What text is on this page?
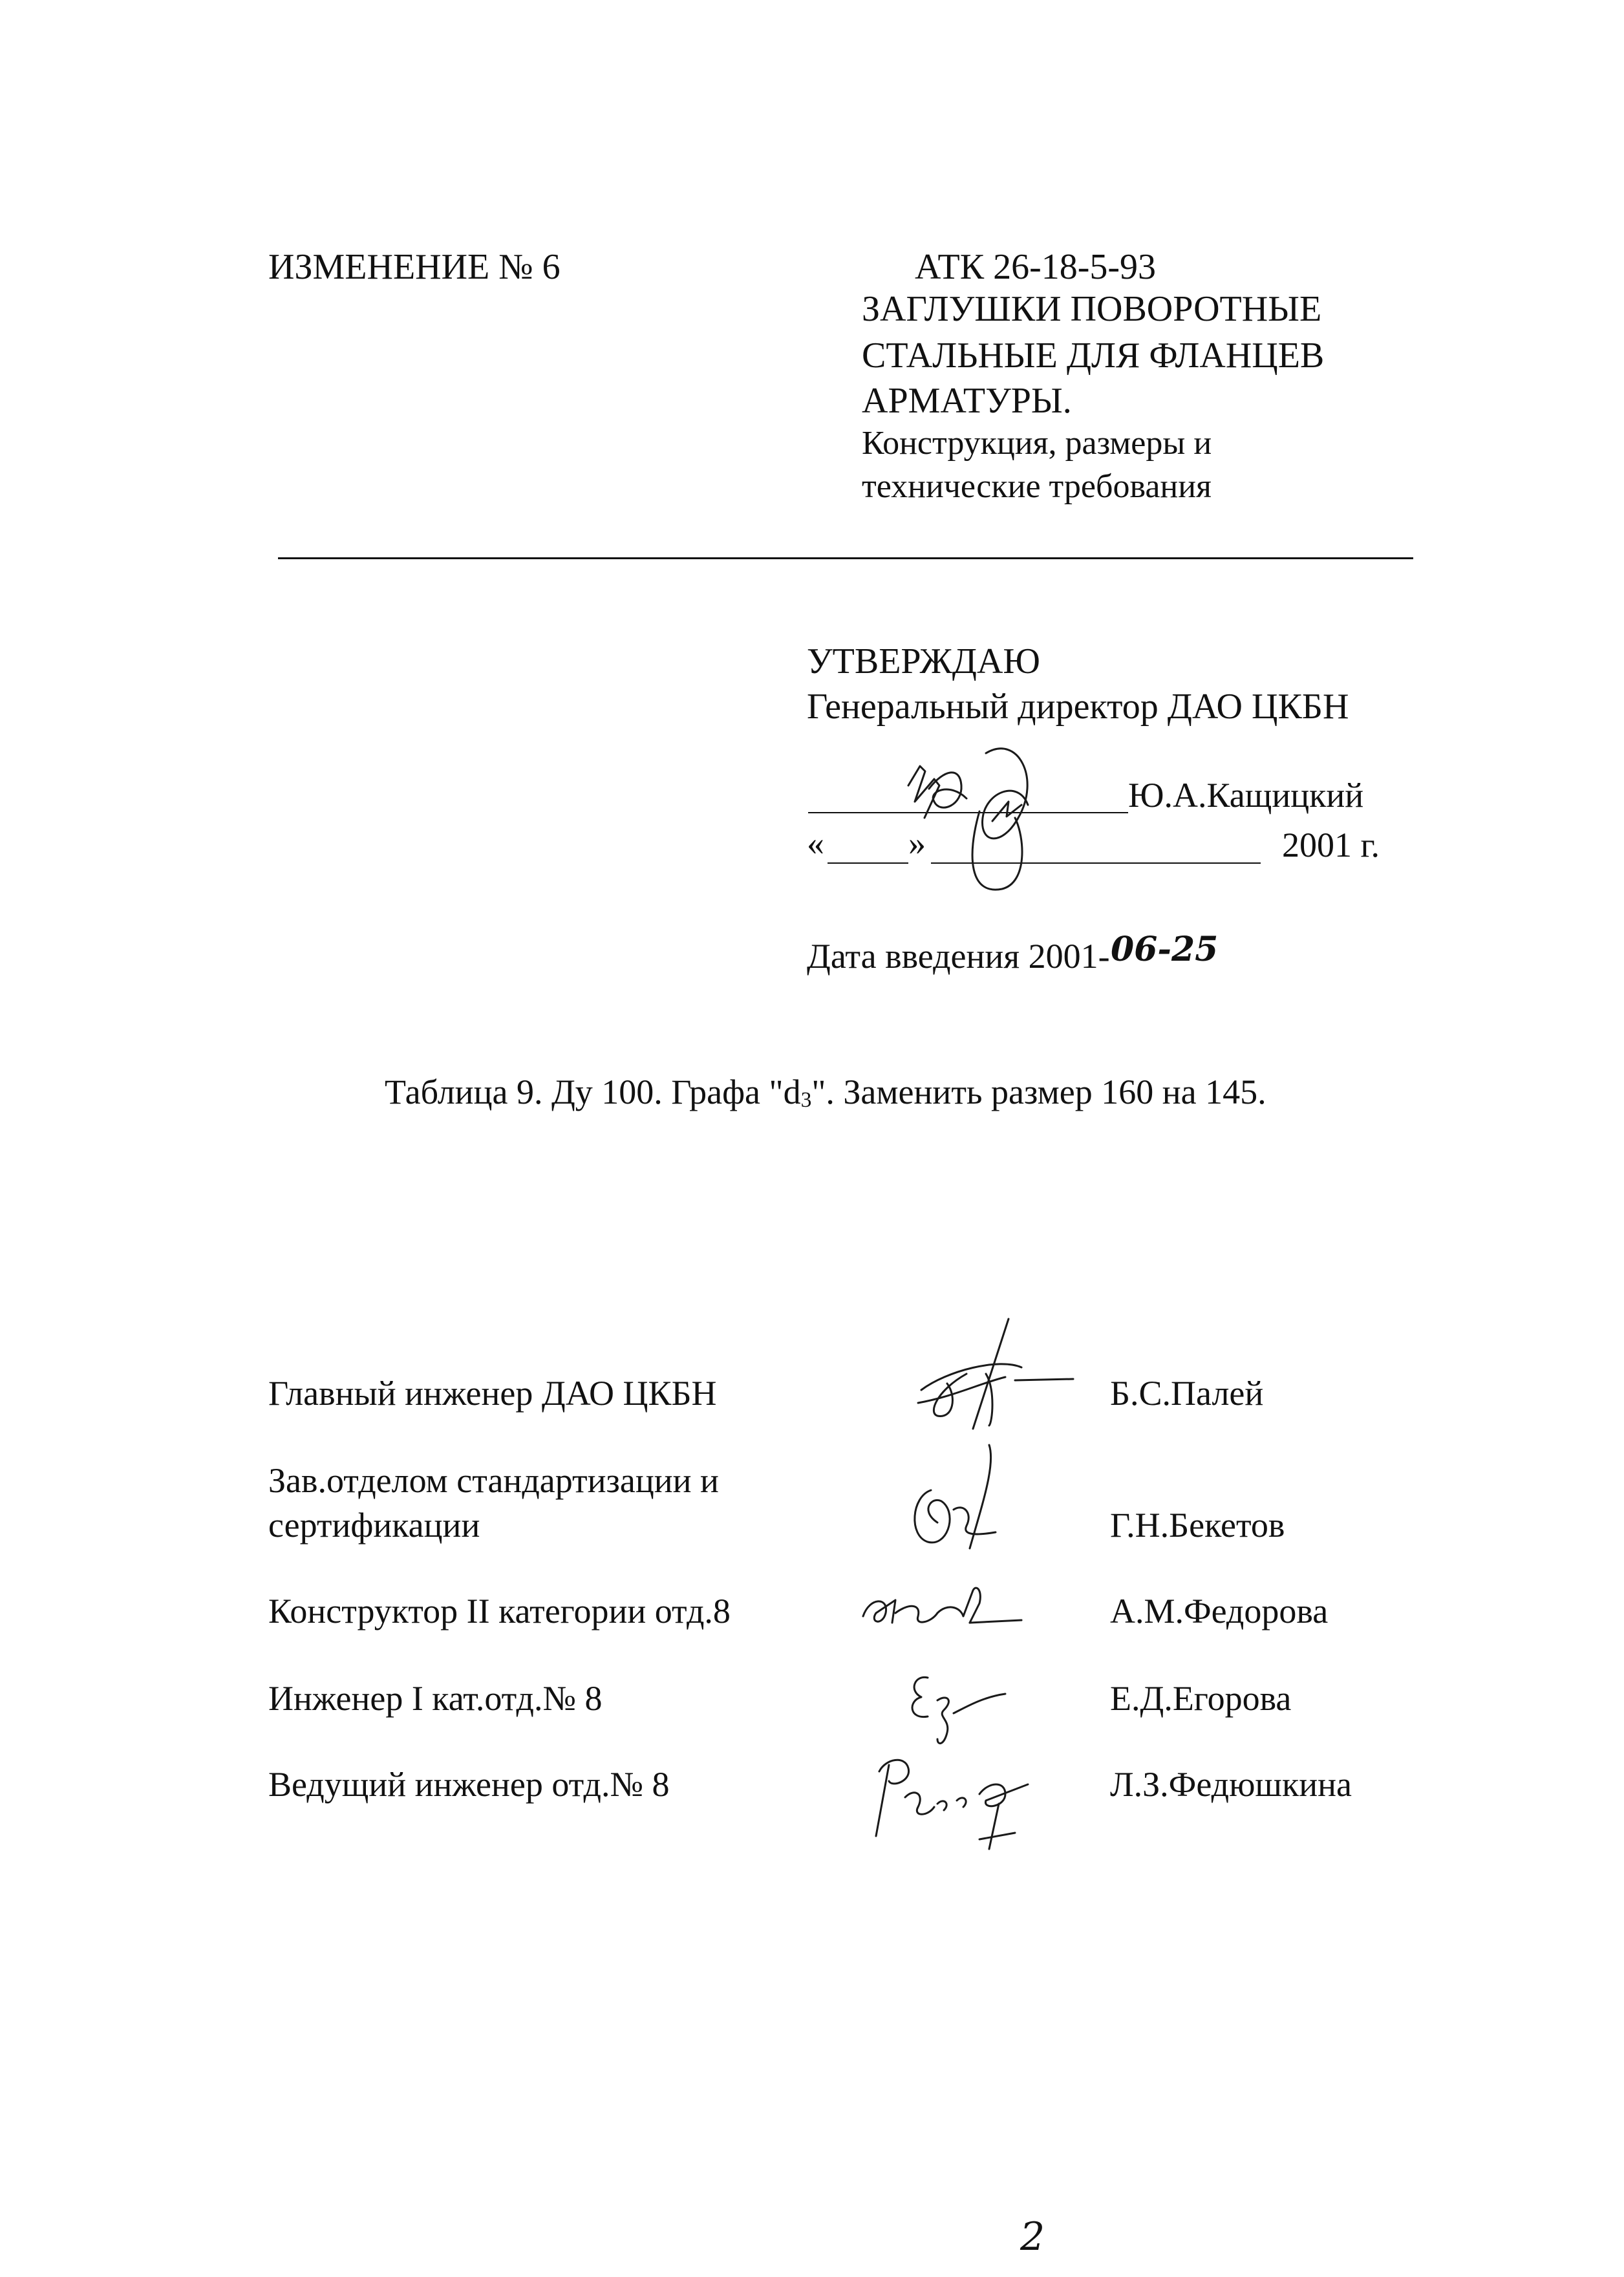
ИЗМЕНЕНИЕ № 6	АТК 26-18-5-93
ЗАГЛУШКИ ПОВОРОТНЫЕ
СТАЛЬНЫЕ ДЛЯ ФЛАНЦЕВ
АРМАТУРЫ.
Конструкция, размеры и
технические требования
УТВЕРЖДАЮ
Генеральный директор ДАО ЦКБН
Ю.А.Кащицкий
« »	2001 г.
Дата введения 2001- 06-25
Таблица 9. Ду 100. Графа "$d_3$". Заменить размер 160 на 145.
Главный инженер ДАО ЦКБН	Б.С.Палей
Зав.отделом стандартизации и
сертификации	Г.Н.Бекетов
Конструктор II категории отд.8	А.М.Федорова
Инженер I кат.отд.№ 8	Е.Д.Егорова
Ведущий инженер отд.№ 8	Л.З.Федюшкина
2
